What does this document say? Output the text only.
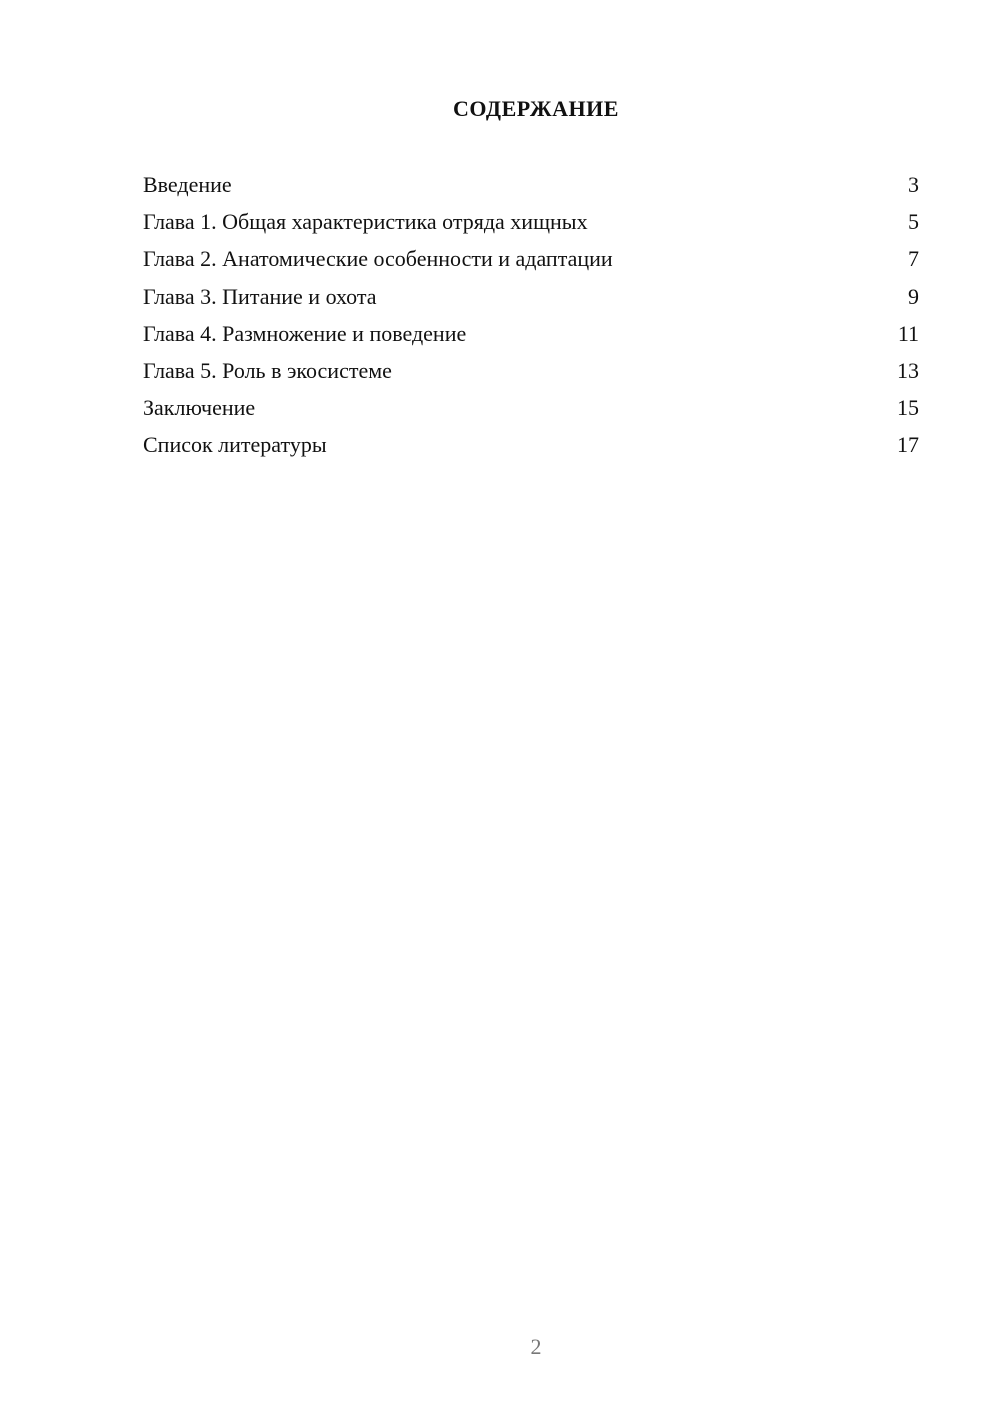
СОДЕРЖАНИЕ
Введение	3
Глава 1. Общая характеристика отряда хищных	5
Глава 2. Анатомические особенности и адаптации	7
Глава 3. Питание и охота	9
Глава 4. Размножение и поведение	11
Глава 5. Роль в экосистеме	13
Заключение	15
Список литературы	17
2
